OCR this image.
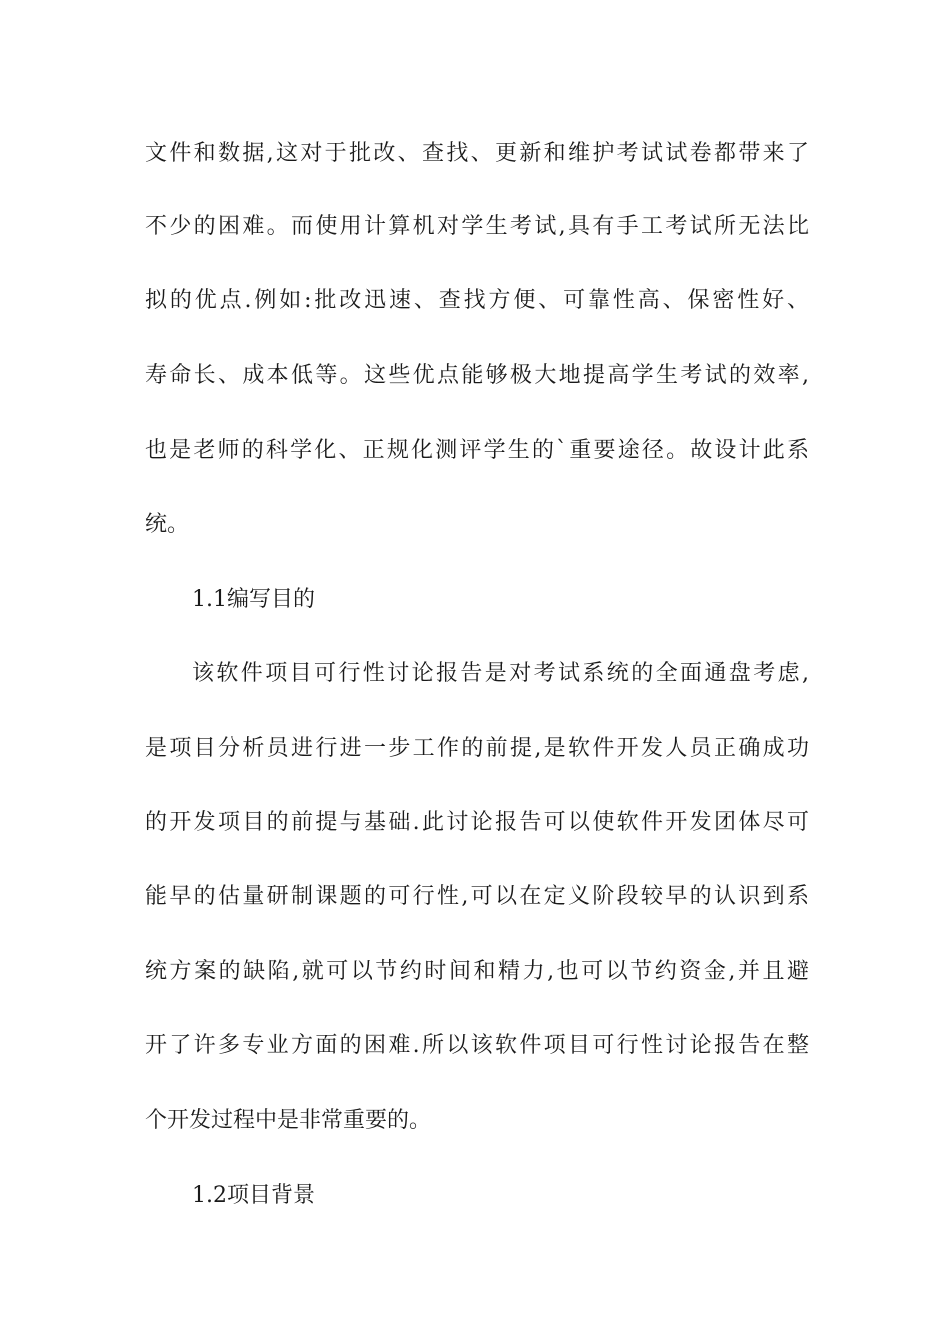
文件和数据,这对于批改、查找、更新和维护考试试卷都带来了
不少的困难。而使用计算机对学生考试,具有手工考试所无法比
拟的优点.例如:批改迅速、查找方便、可靠性高、保密性好、
寿命长、成本低等。这些优点能够极大地提高学生考试的效率,
也是老师的科学化、正规化测评学生的`重要途径。故设计此系
统。
1.1编写目的
该软件项目可行性讨论报告是对考试系统的全面通盘考虑,
是项目分析员进行进一步工作的前提,是软件开发人员正确成功
的开发项目的前提与基础.此讨论报告可以使软件开发团体尽可
能早的估量研制课题的可行性,可以在定义阶段较早的认识到系
统方案的缺陷,就可以节约时间和精力,也可以节约资金,并且避
开了许多专业方面的困难.所以该软件项目可行性讨论报告在整
个开发过程中是非常重要的。
1.2项目背景
